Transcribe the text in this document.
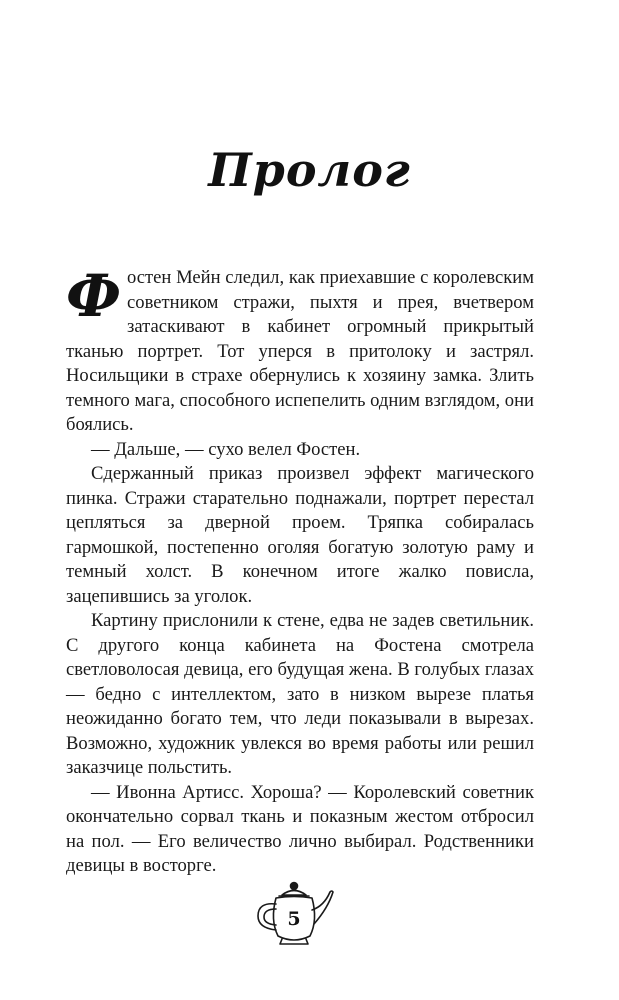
Пролог

Фостен Мейн следил, как приехавшие с королевским советником стражи, пыхтя и прея, вчетвером затаскивают в кабинет огромный прикрытый тканью портрет. Тот уперся в притолоку и застрял. Носильщики в страхе обернулись к хозяину замка. Злить темного мага, способного испепелить одним взглядом, они боялись.

— Дальше, — сухо велел Фостен.

Сдержанный приказ произвел эффект магического пинка. Стражи старательно поднажали, портрет перестал цепляться за дверной проем. Тряпка собиралась гармошкой, постепенно оголяя богатую золотую раму и темный холст. В конечном итоге жалко повисла, зацепившись за уголок.

Картину прислонили к стене, едва не задев светильник. С другого конца кабинета на Фостена смотрела светловолосая девица, его будущая жена. В голубых глазах — бедно с интеллектом, зато в низком вырезе платья неожиданно богато тем, что леди показывали в вырезах. Возможно, художник увлекся во время работы или решил заказчице польстить.

— Ивонна Артисс. Хороша? — Королевский советник окончательно сорвал ткань и показным жестом отбросил на пол. — Его величество лично выбирал. Родственники девицы в восторге.

5
